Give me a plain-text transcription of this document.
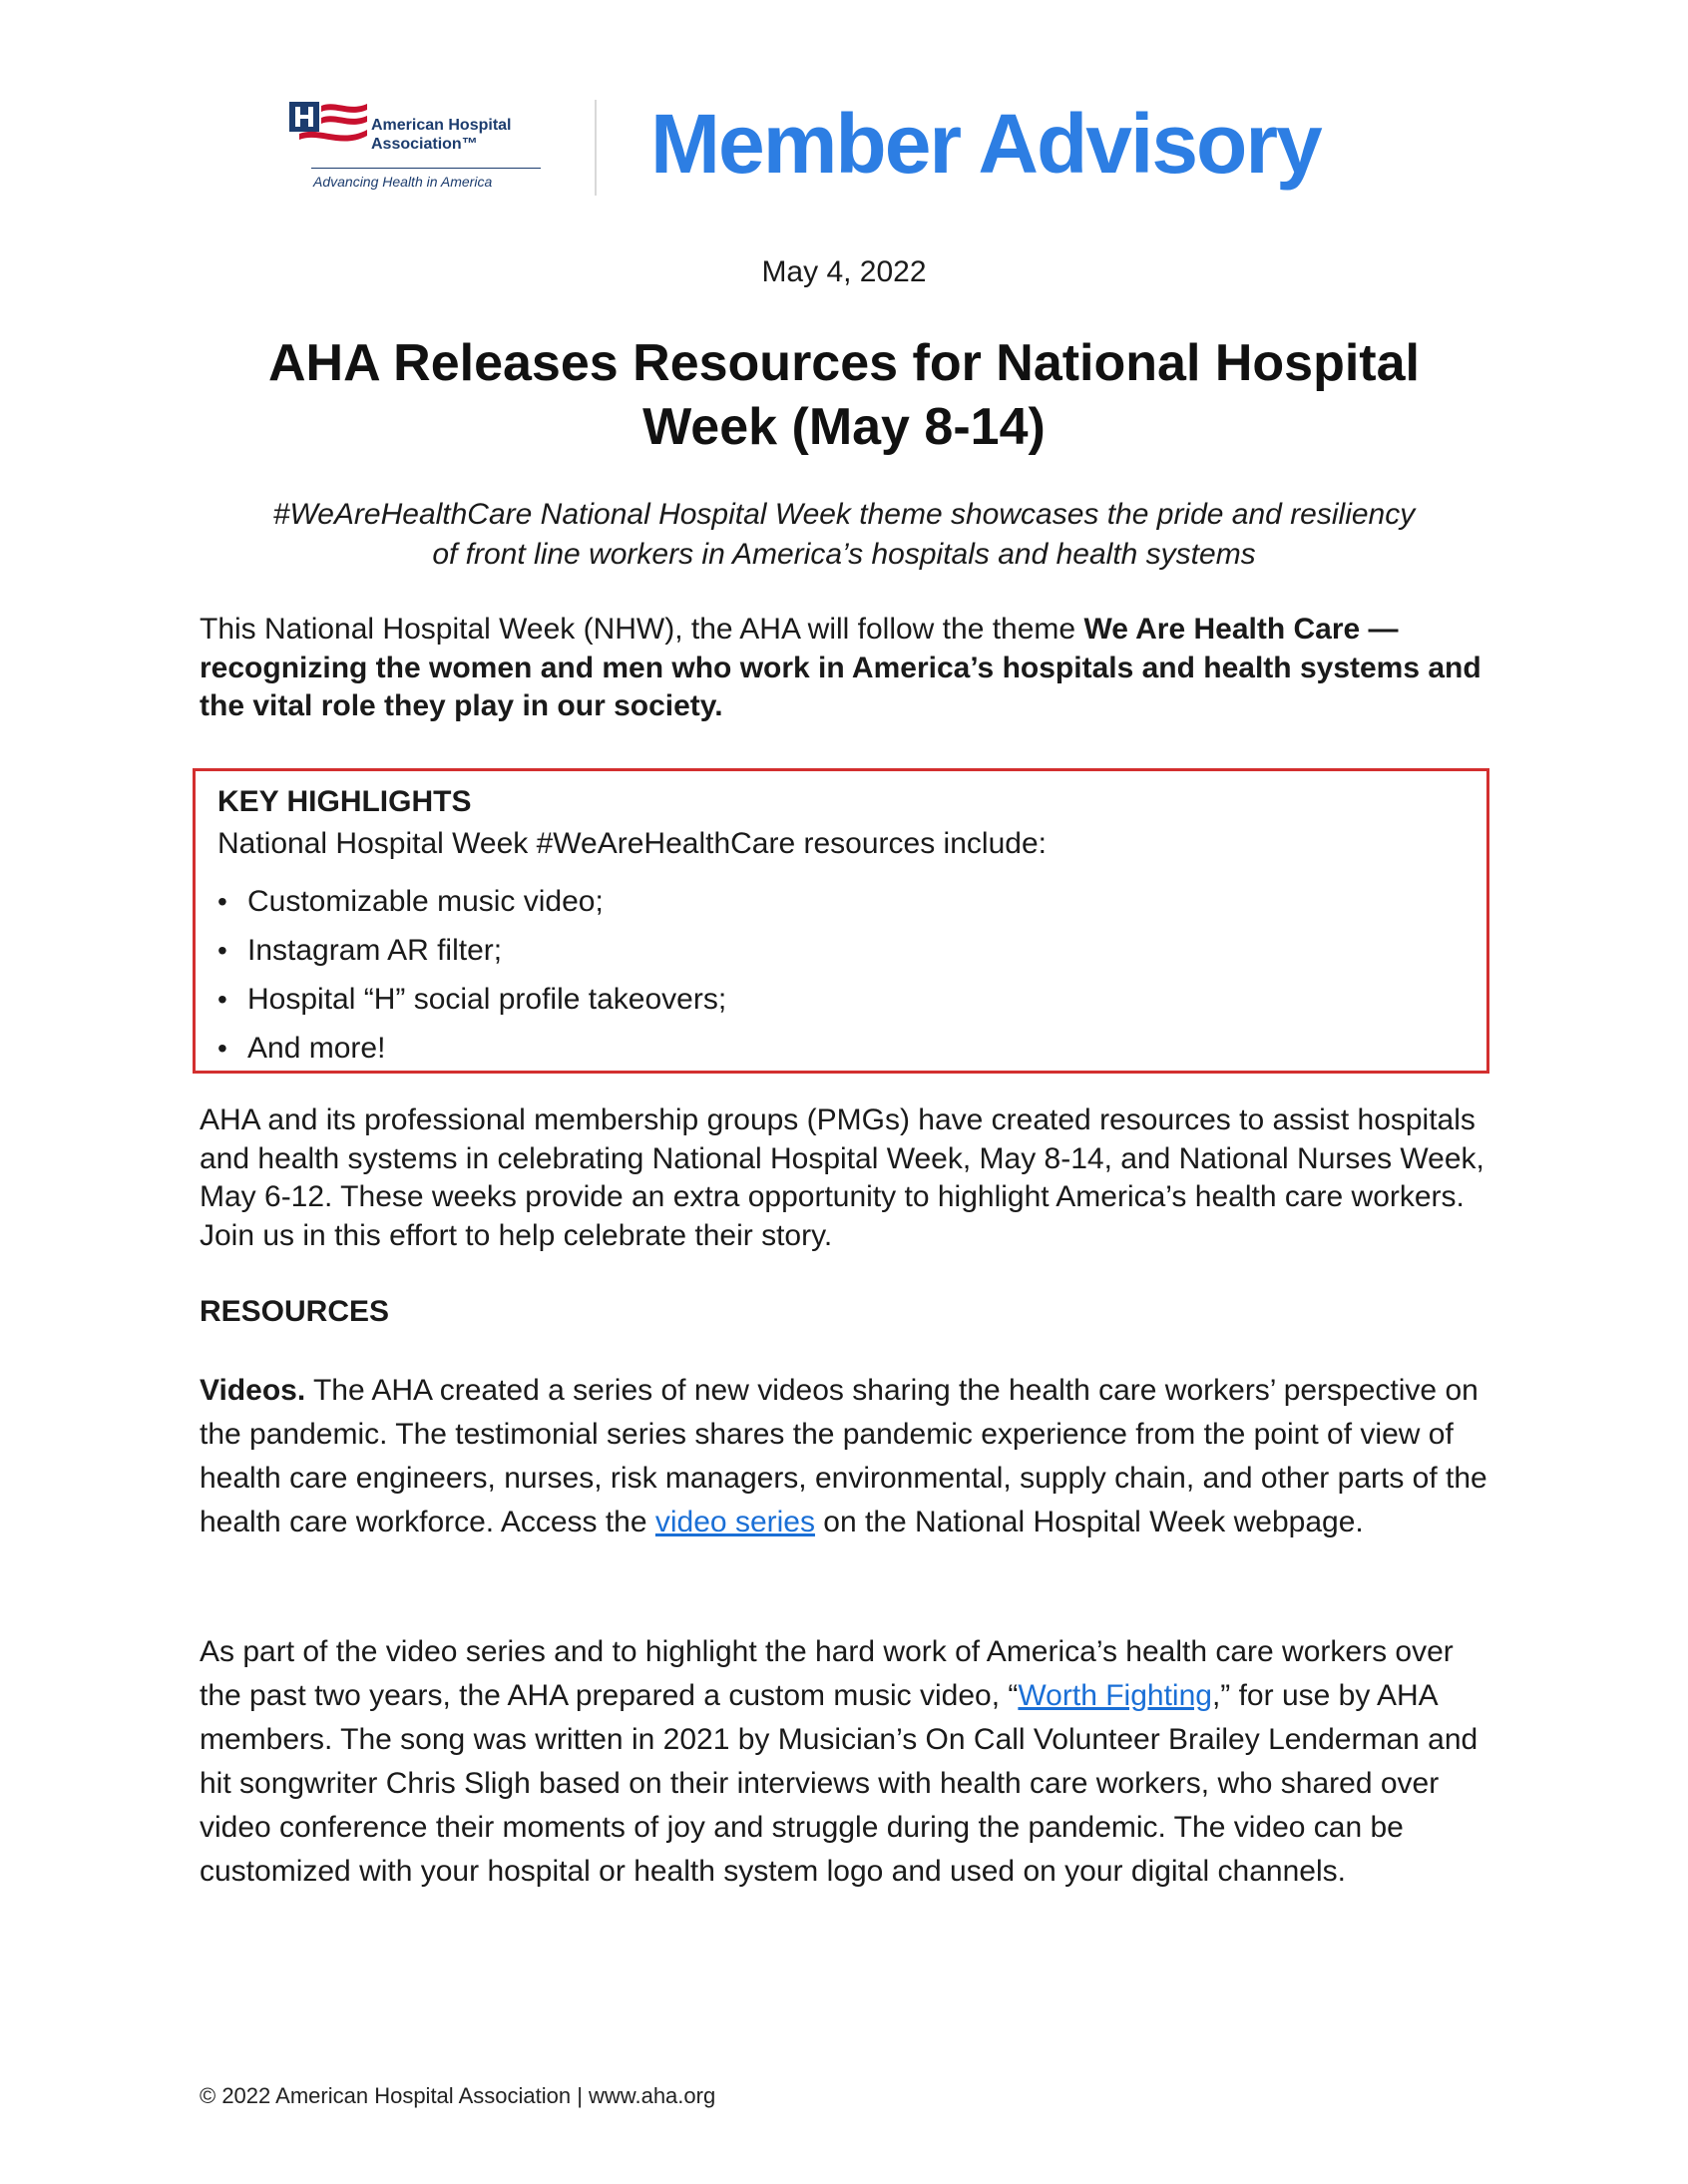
American Hospital
Association™
Advancing Health in America Member Advisory
May 4, 2022
AHA Releases Resources for National Hospital Week (May 8-14)
#WeAreHealthCare National Hospital Week theme showcases the pride and resiliency
of front line workers in America’s hospitals and health systems
This National Hospital Week (NHW), the AHA will follow the theme We Are Health Care — recognizing the women and men who work in America’s hospitals and health systems and the vital role they play in our society.
KEY HIGHLIGHTS
National Hospital Week #WeAreHealthCare resources include:
• Customizable music video;
• Instagram AR filter;
• Hospital “H” social profile takeovers;
• And more!
AHA and its professional membership groups (PMGs) have created resources to assist hospitals and health systems in celebrating National Hospital Week, May 8-14, and National Nurses Week, May 6-12. These weeks provide an extra opportunity to highlight America’s health care workers. Join us in this effort to help celebrate their story.
RESOURCES
Videos. The AHA created a series of new videos sharing the health care workers’ perspective on the pandemic. The testimonial series shares the pandemic experience from the point of view of health care engineers, nurses, risk managers, environmental, supply chain, and other parts of the health care workforce. Access the video series on the National Hospital Week webpage.
As part of the video series and to highlight the hard work of America’s health care workers over the past two years, the AHA prepared a custom music video, “Worth Fighting,” for use by AHA members. The song was written in 2021 by Musician’s On Call Volunteer Brailey Lenderman and hit songwriter Chris Sligh based on their interviews with health care workers, who shared over video conference their moments of joy and struggle during the pandemic. The video can be customized with your hospital or health system logo and used on your digital channels.
© 2022 American Hospital Association | www.aha.org
